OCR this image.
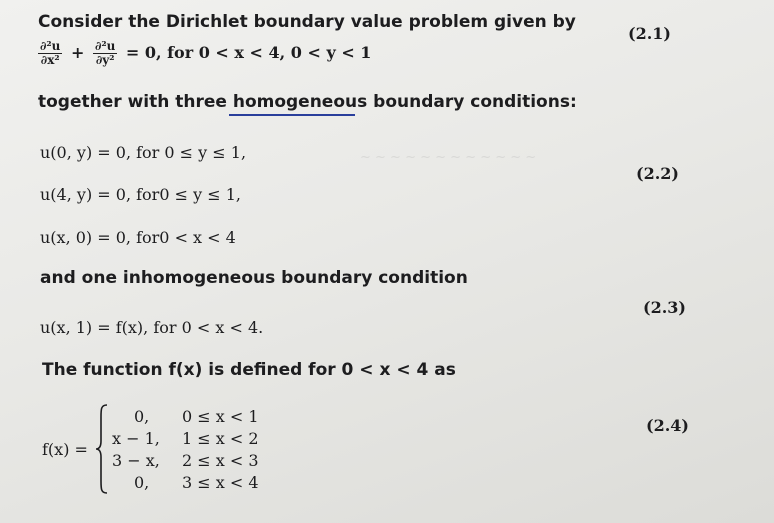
~ ~ ~ ~ ~ ~ ~ ~ ~ ~ ~ ~
Consider the Dirichlet boundary value problem given by
$\frac{\text{∂²u}}{\text{∂x²}} + \frac{\text{∂²u}}{\text{∂y²}} = 0$, for 0 < x < 4, 0 < y < 1
(2.1)
together with three homogeneous boundary conditions:
u(0, y) = 0, for 0 ≤ y ≤ 1,
u(4, y) = 0, for0 ≤ y ≤ 1,
u(x, 0) = 0, for0 < x < 4
(2.2)
and one inhomogeneous boundary condition
u(x, 1) = f(x), for 0 < x < 4.
(2.3)
The function f(x) is defined for 0 < x < 4 as
f(x) =
0,	0 ≤ x < 1
x − 1,	1 ≤ x < 2
3 − x,	2 ≤ x < 3
0,	3 ≤ x < 4
(2.4)
